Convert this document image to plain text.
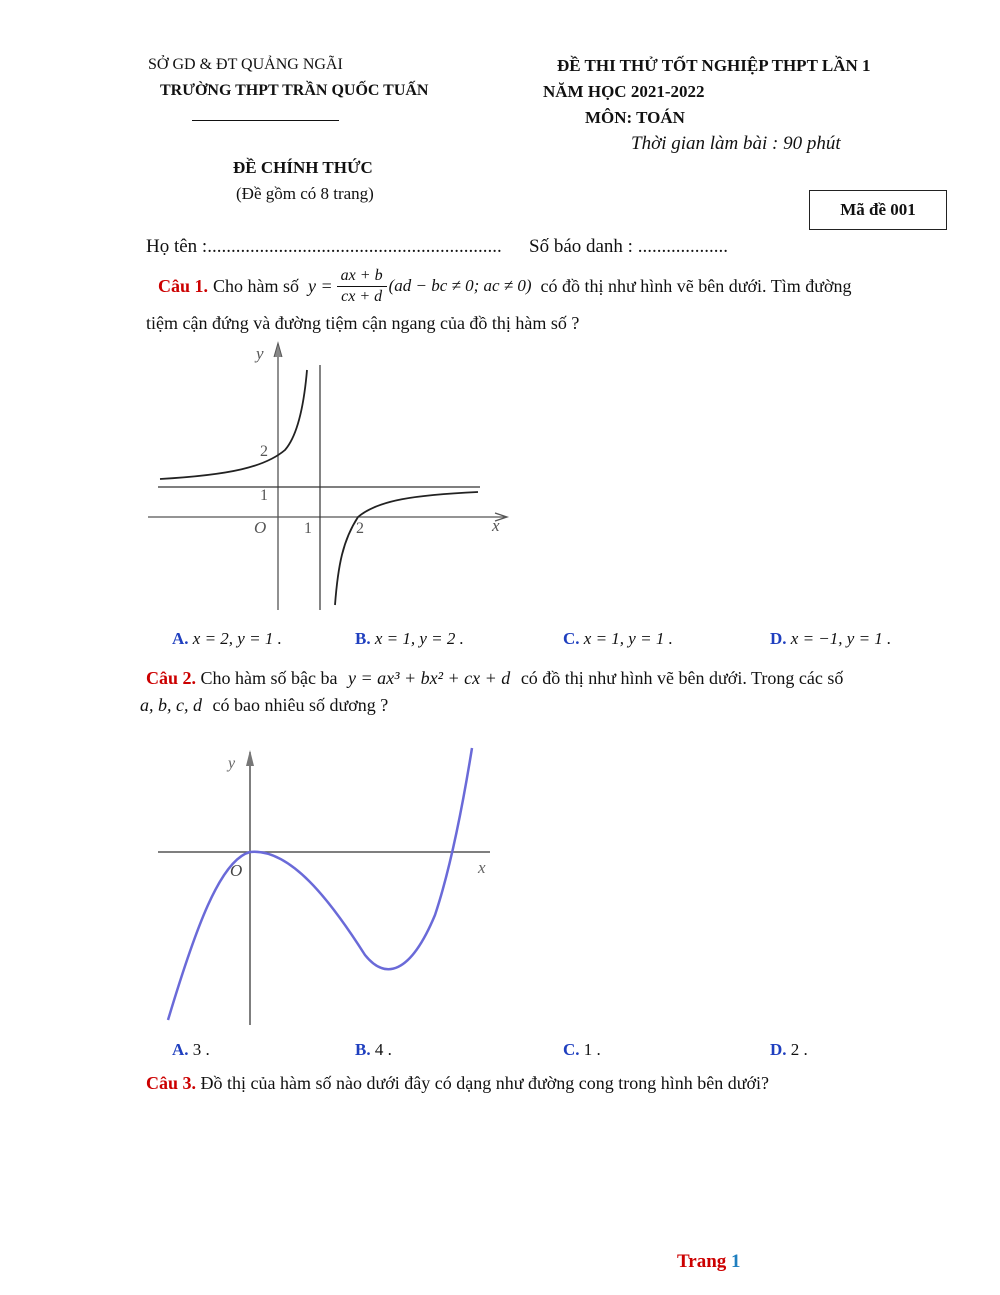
SỞ GD & ĐT QUẢNG NGÃI
TRƯỜNG THPT TRẦN QUỐC TUẤN
ĐỀ THI THỬ TỐT NGHIỆP THPT LẦN 1
NĂM HỌC 2021-2022
MÔN: TOÁN
Thời gian làm bài : 90 phút
ĐỀ CHÍNH THỨC
(Đề gồm có 8 trang)
Mã đề 001
Họ tên :.............................................................. Số báo danh : ...................
Câu 1. Cho hàm số $y = \frac{ax + b}{cx + d} (ad$ − bc ≠ 0; ac ≠ 0) có đồ thị như hình vẽ bên dưới. Tìm đường
tiệm cận đứng và đường tiệm cận ngang của đồ thị hàm số ?
y
x
O
2
1
1	2
A. x = 2, y = 1 .	B. x = 1, y = 2 .	C. x = 1, y = 1 .	D. x = −1, y = 1 .
Câu 2. Cho hàm số bậc ba y = ax³ + bx² + cx + d có đồ thị như hình vẽ bên dưới. Trong các số
a, b, c, d có bao nhiêu số dương ?
y
x
O
A. 3 .	B. 4 .	C. 1 .	D. 2 .
Câu 3. Đồ thị của hàm số nào dưới đây có dạng như đường cong trong hình bên dưới?
Trang 1
